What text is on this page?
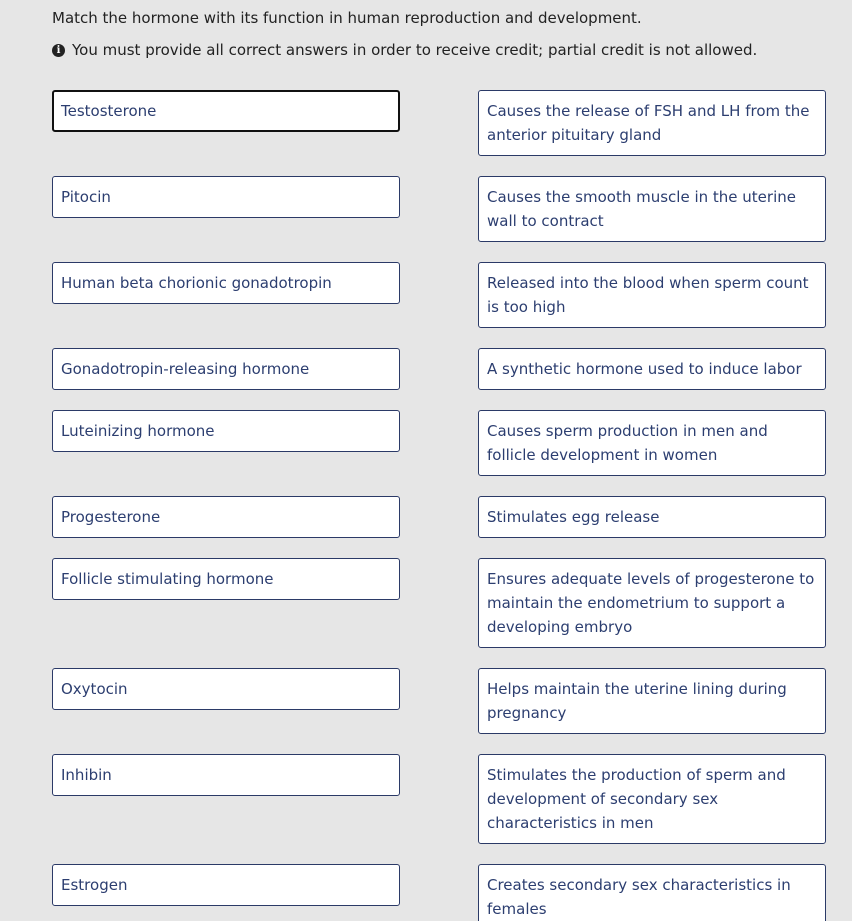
Match the hormone with its function in human reproduction and development.
i You must provide all correct answers in order to receive credit; partial credit is not allowed.
Testosterone
Pitocin
Human beta chorionic gonadotropin
Gonadotropin-releasing hormone
Luteinizing hormone
Progesterone
Follicle stimulating hormone
Oxytocin
Inhibin
Estrogen
Causes the release of FSH and LH from the anterior pituitary gland
Causes the smooth muscle in the uterine wall to contract
Released into the blood when sperm count is too high
A synthetic hormone used to induce labor
Causes sperm production in men and follicle development in women
Stimulates egg release
Ensures adequate levels of progesterone to maintain the endometrium to support a developing embryo
Helps maintain the uterine lining during pregnancy
Stimulates the production of sperm and development of secondary sex characteristics in men
Creates secondary sex characteristics in females
